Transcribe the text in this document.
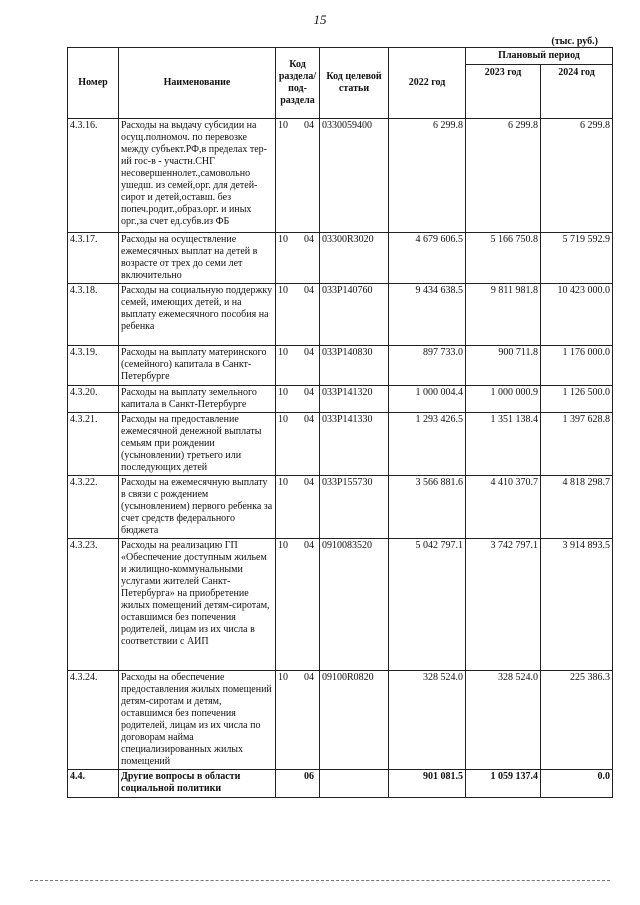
15
(тыс. руб.)
Номер	Наименование	Код раздела/ под-раздела	Код целевой статьи	2022 год	Плановый период	
					2023 год	2024 год
4.3.16.	Расходы на выдачу субсидии на осущ.полномоч. по перевозке между субъект.РФ,в пределах тер-ий гос-в - участн.СНГ несовершеннолет.,самовольно ушедш. из семей,орг. для детей-сирот и детей,оставш. без попеч.родит.,образ.орг. и иных орг.,за счет ед.субв.из ФБ	10 04	0330059400	6 299.8	6 299.8	6 299.8
4.3.17.	Расходы на осуществление ежемесячных выплат на детей в возрасте от трех до семи лет включительно	10 04	03300R3020	4 679 606.5	5 166 750.8	5 719 592.9
4.3.18.	Расходы на социальную поддержку семей, имеющих детей, и на выплату ежемесячного пособия на ребенка	10 04	033P140760	9 434 638.5	9 811 981.8	10 423 000.0
4.3.19.	Расходы на выплату материнского (семейного) капитала в Санкт-Петербурге	10 04	033P140830	897 733.0	900 711.8	1 176 000.0
4.3.20.	Расходы на выплату земельного капитала в Санкт-Петербурге	10 04	033P141320	1 000 004.4	1 000 000.9	1 126 500.0
4.3.21.	Расходы на предоставление ежемесячной денежной выплаты семьям при рождении (усыновлении) третьего или последующих детей	10 04	033P141330	1 293 426.5	1 351 138.4	1 397 628.8
4.3.22.	Расходы на ежемесячную выплату в связи с рождением (усыновлением) первого ребенка за счет средств федерального бюджета	10 04	033P155730	3 566 881.6	4 410 370.7	4 818 298.7
4.3.23.	Расходы на реализацию ГП «Обеспечение доступным жильем и жилищно-коммунальными услугами жителей Санкт-Петербурга» на приобретение жилых помещений детям-сиротам, оставшимся без попечения родителей, лицам из их числа в соответствии с АИП	10 04	0910083520	5 042 797.1	3 742 797.1	3 914 893.5
4.3.24.	Расходы на обеспечение предоставления жилых помещений детям-сиротам и детям, оставшимся без попечения родителей, лицам из их числа по договорам найма специализированных жилых помещений	10 04	09100R0820	328 524.0	328 524.0	225 386.3
4.4.	Другие вопросы в области социальной политики	06		901 081.5	1 059 137.4	0.0
